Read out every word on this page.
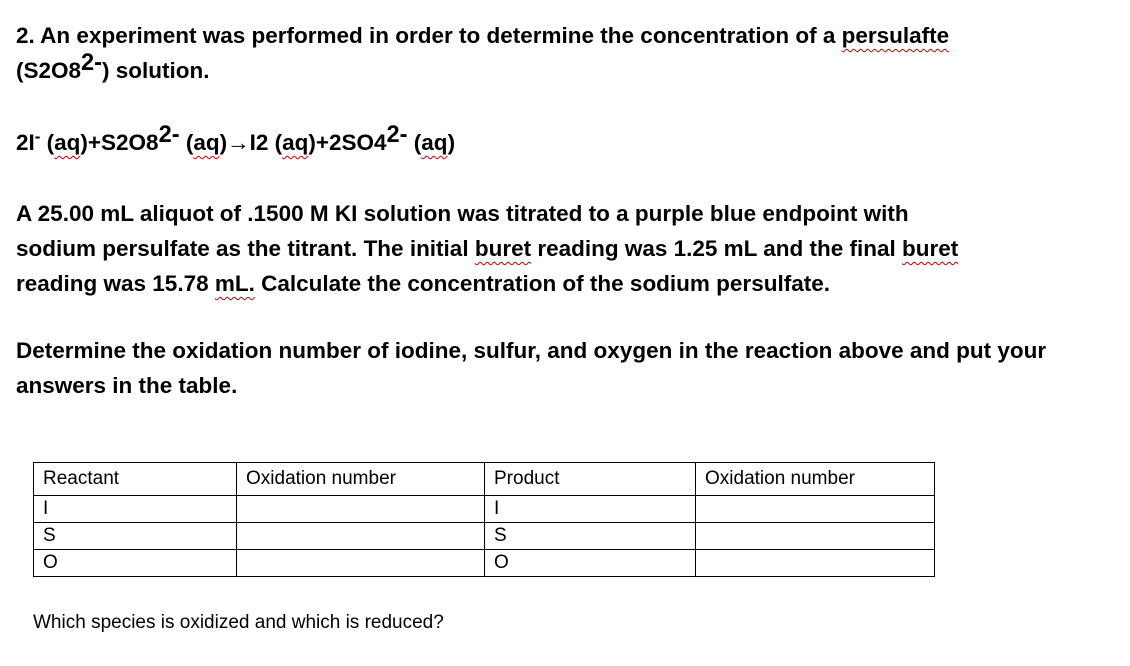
2. An experiment was performed in order to determine the concentration of a persulafte
$(S2O8^{2-})$ solution.

2I- $(aq)+S2O8^{2-}$ (aq)→I2 $(aq)+2SO4^{2-}$ (aq)

A 25.00 mL aliquot of .1500 M KI solution was titrated to a purple blue endpoint with
sodium persulfate as the titrant. The initial buret reading was 1.25 mL and the final buret
reading was 15.78 mL. Calculate the concentration of the sodium persulfate.

Determine the oxidation number of iodine, sulfur, and oxygen in the reaction above and put your answers in the table.

Reactant	Oxidation number	Product	Oxidation number
I		I	
S		S	
O		O	
Which species is oxidized and which is reduced?
